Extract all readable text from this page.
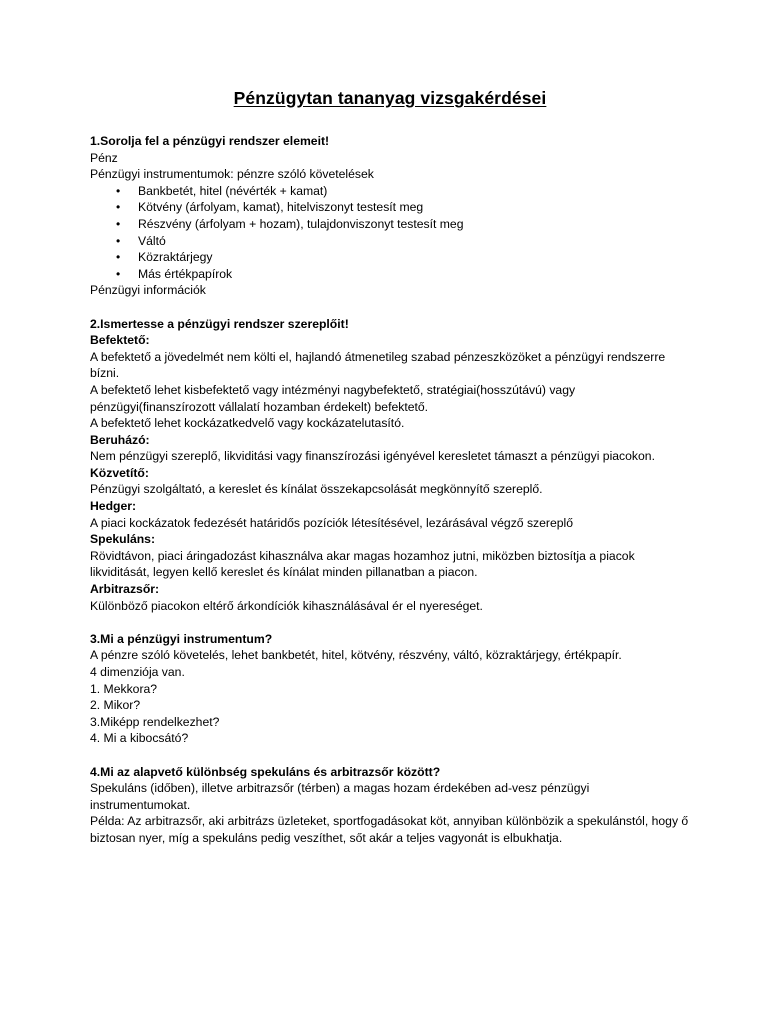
Pénzügytan tananyag vizsgakérdései

1.Sorolja fel a pénzügyi rendszer elemeit!

Pénz

Pénzügyi instrumentumok: pénzre szóló követelések

• Bankbetét, hitel (névérték + kamat)
• Kötvény (árfolyam, kamat), hitelviszonyt testesít meg
• Részvény (árfolyam + hozam), tulajdonviszonyt testesít meg
• Váltó
• Közraktárjegy
• Más értékpapírok

Pénzügyi információk

2.Ismertesse a pénzügyi rendszer szereplőit!

Befektető:

A befektető a jövedelmét nem költi el, hajlandó átmenetileg szabad pénzeszközöket a pénzügyi rendszerre bízni.

A befektető lehet kisbefektető vagy intézményi nagybefektető, stratégiai(hosszútávú) vagy pénzügyi(finanszírozott vállalatí hozamban érdekelt) befektető.

A befektető lehet kockázatkedvelő vagy kockázatelutasító.

Beruházó:

Nem pénzügyi szereplő, likviditási vagy finanszírozási igényével keresletet támaszt a pénzügyi piacokon.

Közvetítő:

Pénzügyi szolgáltató, a kereslet és kínálat összekapcsolását megkönnyítő szereplő.

Hedger:

A piaci kockázatok fedezését határidős pozíciók létesítésével, lezárásával végző szereplő

Spekuláns:

Rövidtávon, piaci áringadozást kihasználva akar magas hozamhoz jutni, miközben biztosítja a piacok likviditását, legyen kellő kereslet és kínálat minden pillanatban a piacon.

Arbitrazsőr:

Különböző piacokon eltérő árkondíciók kihasználásával ér el nyereséget.

3.Mi a pénzügyi instrumentum?

A pénzre szóló követelés, lehet bankbetét, hitel, kötvény, részvény, váltó, közraktárjegy, értékpapír.

4 dimenziója van.

1. Mekkora?

2. Mikor?

3.Miképp rendelkezhet?

4. Mi a kibocsátó?

4.Mi az alapvető különbség spekuláns és arbitrazsőr között?

Spekuláns (időben), illetve arbitrazsőr (térben) a magas hozam érdekében ad-vesz pénzügyi instrumentumokat.

Példa: Az arbitrazsőr, aki arbitrázs üzleteket, sportfogadásokat köt, annyiban különbözik a spekulánstól, hogy ő biztosan nyer, míg a spekuláns pedig veszíthet, sőt akár a teljes vagyonát is elbukhatja.
